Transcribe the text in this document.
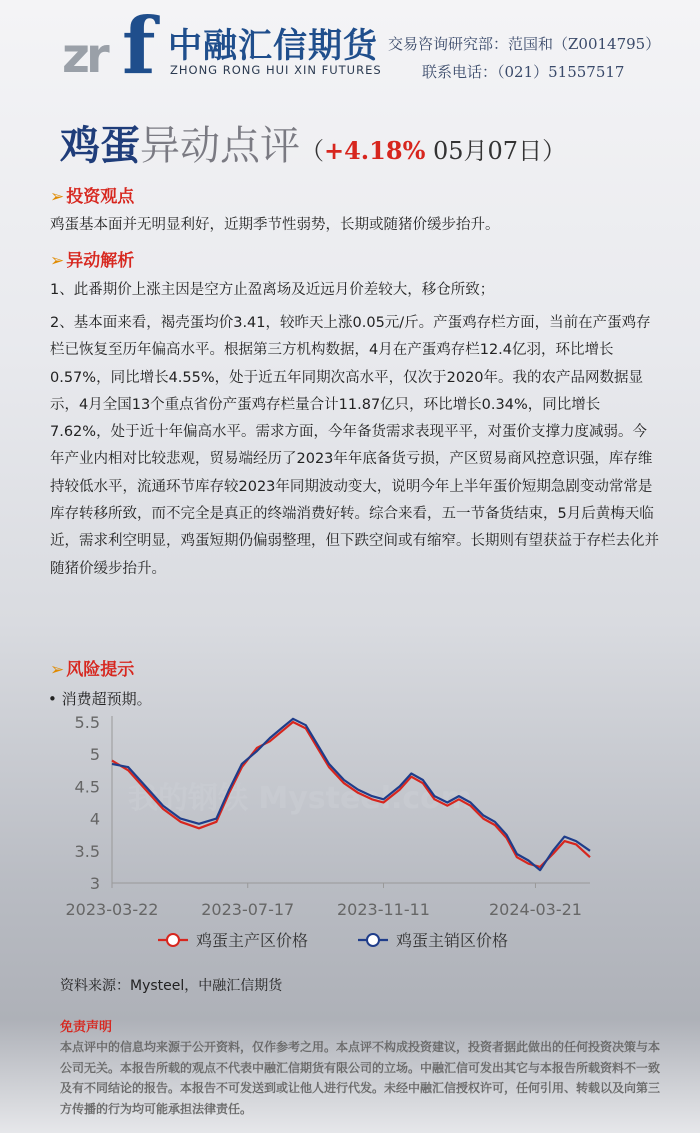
zr f 中融汇信期货
ZHONG RONG HUI XIN FUTURES
交易咨询研究部：范国和（Z0014795）
联系电话：（021）51557517
鸡蛋异动点评（+4.18% 05月07日）
➢ 投资观点
鸡蛋基本面并无明显利好，近期季节性弱势，长期或随猪价缓步抬升。
➢ 异动解析
1、此番期价上涨主因是空方止盈离场及近远月价差较大，移仓所致；
2、基本面来看，褐壳蛋均价3.41，较昨天上涨0.05元/斤。产蛋鸡存栏方面，当前在产蛋鸡存栏已恢复至历年偏高水平。根据第三方机构数据，4月在产蛋鸡存栏12.4亿羽，环比增长0.57%，同比增长4.55%，处于近五年同期次高水平，仅次于2020年。我的农产品网数据显示，4月全国13个重点省份产蛋鸡存栏量合计11.87亿只，环比增长0.34%，同比增长7.62%，处于近十年偏高水平。需求方面，今年备货需求表现平平，对蛋价支撑力度减弱。今年产业内相对比较悲观，贸易端经历了2023年年底备货亏损，产区贸易商风控意识强，库存维持较低水平，流通环节库存较2023年同期波动变大，说明今年上半年蛋价短期急剧变动常常是库存转移所致，而不完全是真正的终端消费好转。综合来看，五一节备货结束，5月后黄梅天临近，需求利空明显，鸡蛋短期仍偏弱整理，但下跌空间或有缩窄。长期则有望获益于存栏去化并随猪价缓步抬升。
➢ 风险提示
• 消费超预期。
我的钢铁 Mysteel.com
5.5
5
4.5
4
3.5
3
2023-03-22	2023-07-17	2023-11-11	2024-03-21
鸡蛋主产区价格	鸡蛋主销区价格
资料来源：Mysteel，中融汇信期货
免责声明
本点评中的信息均来源于公开资料，仅作参考之用。本点评不构成投资建议，投资者据此做出的任何投资决策与本公司无关。本报告所载的观点不代表中融汇信期货有限公司的立场。中融汇信可发出其它与本报告所载资料不一致及有不同结论的报告。本报告不可发送到或让他人进行代发。未经中融汇信授权许可，任何引用、转载以及向第三方传播的行为均可能承担法律责任。
